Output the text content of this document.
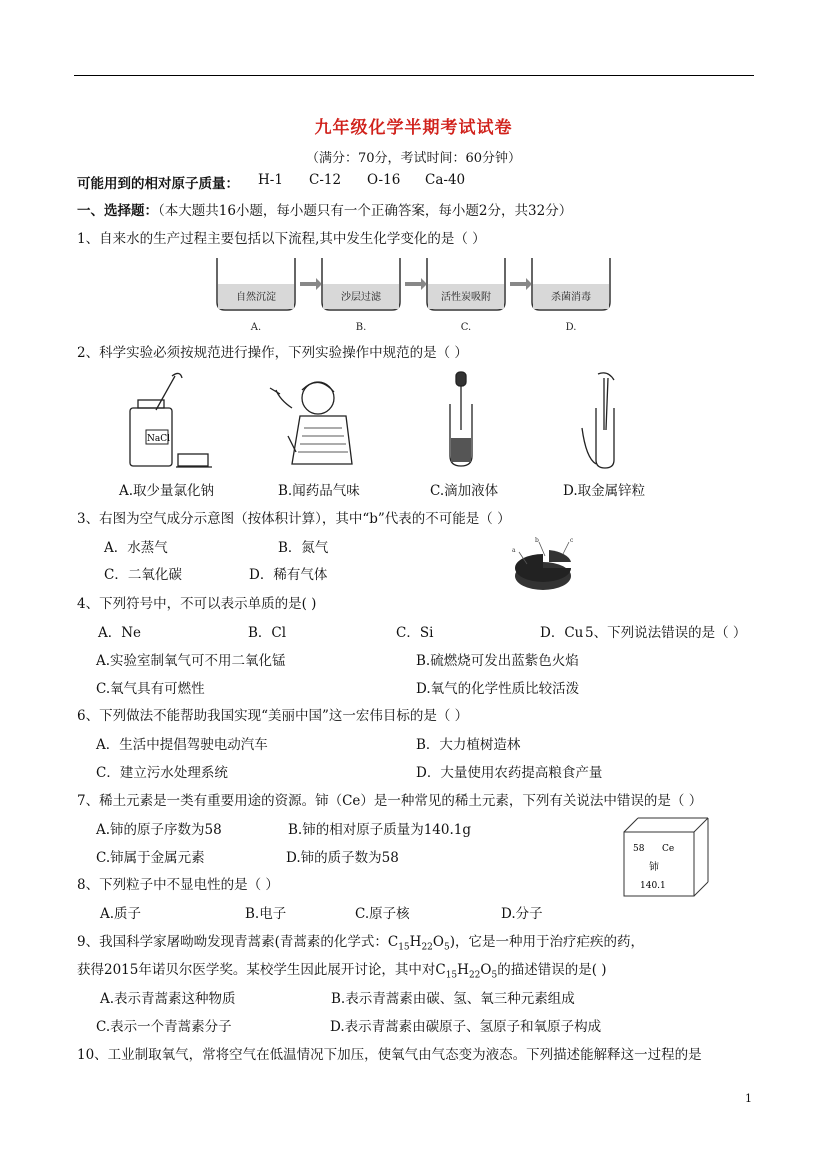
九年级化学半期考试试卷
（满分：70分，考试时间：60分钟）
可能用到的相对原子质量： H-1 C-12 O-16 Ca-40
一、选择题：（本大题共16小题，每小题只有一个正确答案，每小题2分，共32分）
1、自来水的生产过程主要包括以下流程,其中发生化学变化的是（ ）
自然沉淀	沙层过滤	活性炭吸附	杀菌消毒
A.	B.	C.	D.
2、科学实验必须按规范进行操作，下列实验操作中规范的是（ ）
NaCl
A.取少量氯化钠	B.闻药品气味	C.滴加液体	D.取金属锌粒
3、右图为空气成分示意图（按体积计算），其中“b”代表的不可能是（ ）
A．水蒸气	B．氮气
C．二氧化碳	D．稀有气体
a
b	c
4、下列符号中，不可以表示单质的是( )
A．Ne	B．Cl	C．Si	D．Cu 5、下列说法错误的是（ ）
A.实验室制氧气可不用二氧化锰	B.硫燃烧可发出蓝紫色火焰
C.氧气具有可燃性	D.氧气的化学性质比较活泼
6、下列做法不能帮助我国实现“美丽中国”这一宏伟目标的是（ ）
A．生活中提倡驾驶电动汽车	B．大力植树造林
C．建立污水处理系统	D．大量使用农药提高粮食产量
7、稀土元素是一类有重要用途的资源。铈（Ce）是一种常见的稀土元素，下列有关说法中错误的是（ ）
A.铈的原子序数为58	B.铈的相对原子质量为140.1g
C.铈属于金属元素	D.铈的质子数为58
58 Ce
铈
140.1
8、下列粒子中不显电性的是（ ）
A.质子	B.电子	C.原子核	D.分子
9、我国科学家屠呦呦发现青蒿素(青蒿素的化学式：$C_{15}H_{22}O_5$)，它是一种用于治疗疟疾的药，
获得2015年诺贝尔医学奖。某校学生因此展开讨论，其中对$C_{15}H_{22}O_5$的描述错误的是( )
A.表示青蒿素这种物质	B.表示青蒿素由碳、氢、氧三种元素组成
C.表示一个青蒿素分子	D.表示青蒿素由碳原子、氢原子和氧原子构成
10、工业制取氧气，常将空气在低温情况下加压，使氧气由气态变为液态。下列描述能解释这一过程的是
1
